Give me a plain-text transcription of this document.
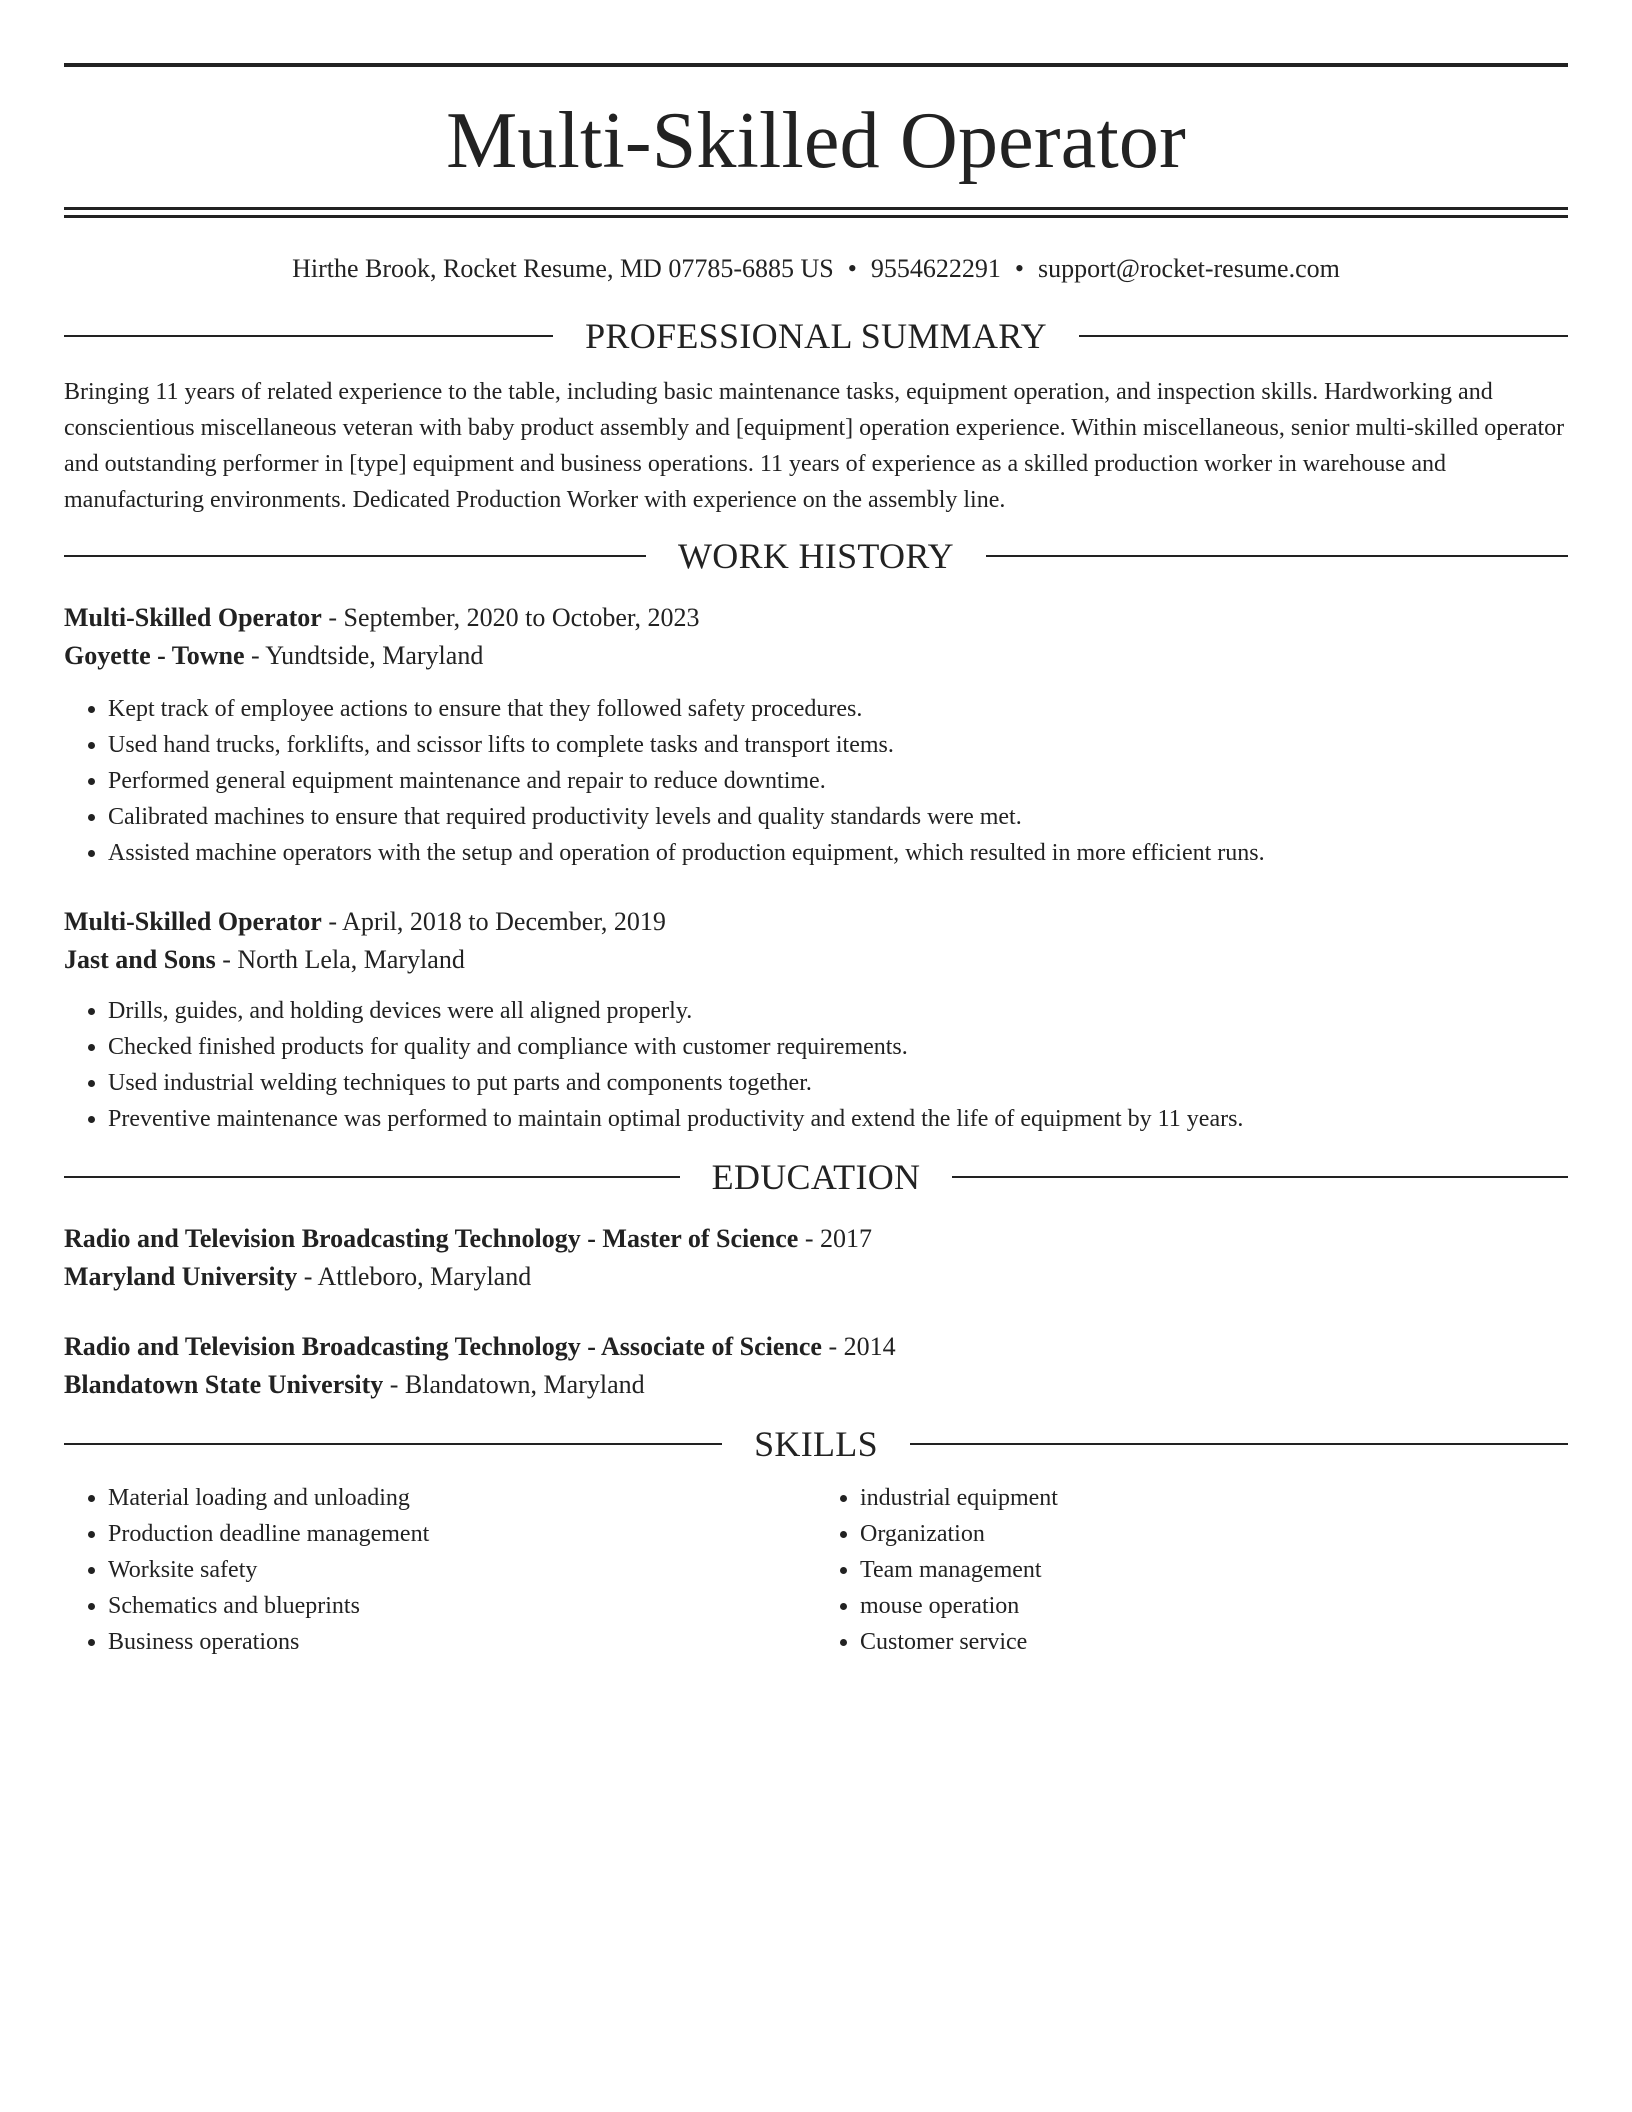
Multi-Skilled Operator
Hirthe Brook, Rocket Resume, MD 07785-6885 US • 9554622291 • support@rocket-resume.com
PROFESSIONAL SUMMARY

Bringing 11 years of related experience to the table, including basic maintenance tasks, equipment operation, and inspection skills. Hardworking and conscientious miscellaneous veteran with baby product assembly and [equipment] operation experience. Within miscellaneous, senior multi-skilled operator and outstanding performer in [type] equipment and business operations. 11 years of experience as a skilled production worker in warehouse and manufacturing environments. Dedicated Production Worker with experience on the assembly line.

WORK HISTORY
Multi-Skilled Operator - September, 2020 to October, 2023
Goyette - Towne - Yundtside, Maryland
• Kept track of employee actions to ensure that they followed safety procedures.
• Used hand trucks, forklifts, and scissor lifts to complete tasks and transport items.
• Performed general equipment maintenance and repair to reduce downtime.
• Calibrated machines to ensure that required productivity levels and quality standards were met.
• Assisted machine operators with the setup and operation of production equipment, which resulted in more efficient runs.
Multi-Skilled Operator - April, 2018 to December, 2019
Jast and Sons - North Lela, Maryland
• Drills, guides, and holding devices were all aligned properly.
• Checked finished products for quality and compliance with customer requirements.
• Used industrial welding techniques to put parts and components together.
• Preventive maintenance was performed to maintain optimal productivity and extend the life of equipment by 11 years.
EDUCATION
Radio and Television Broadcasting Technology - Master of Science - 2017
Maryland University - Attleboro, Maryland
Radio and Television Broadcasting Technology - Associate of Science - 2014
Blandatown State University - Blandatown, Maryland
SKILLS
• Material loading and unloading
• Production deadline management
• Worksite safety
• Schematics and blueprints
• Business operations
• industrial equipment
• Organization
• Team management
• mouse operation
• Customer service
